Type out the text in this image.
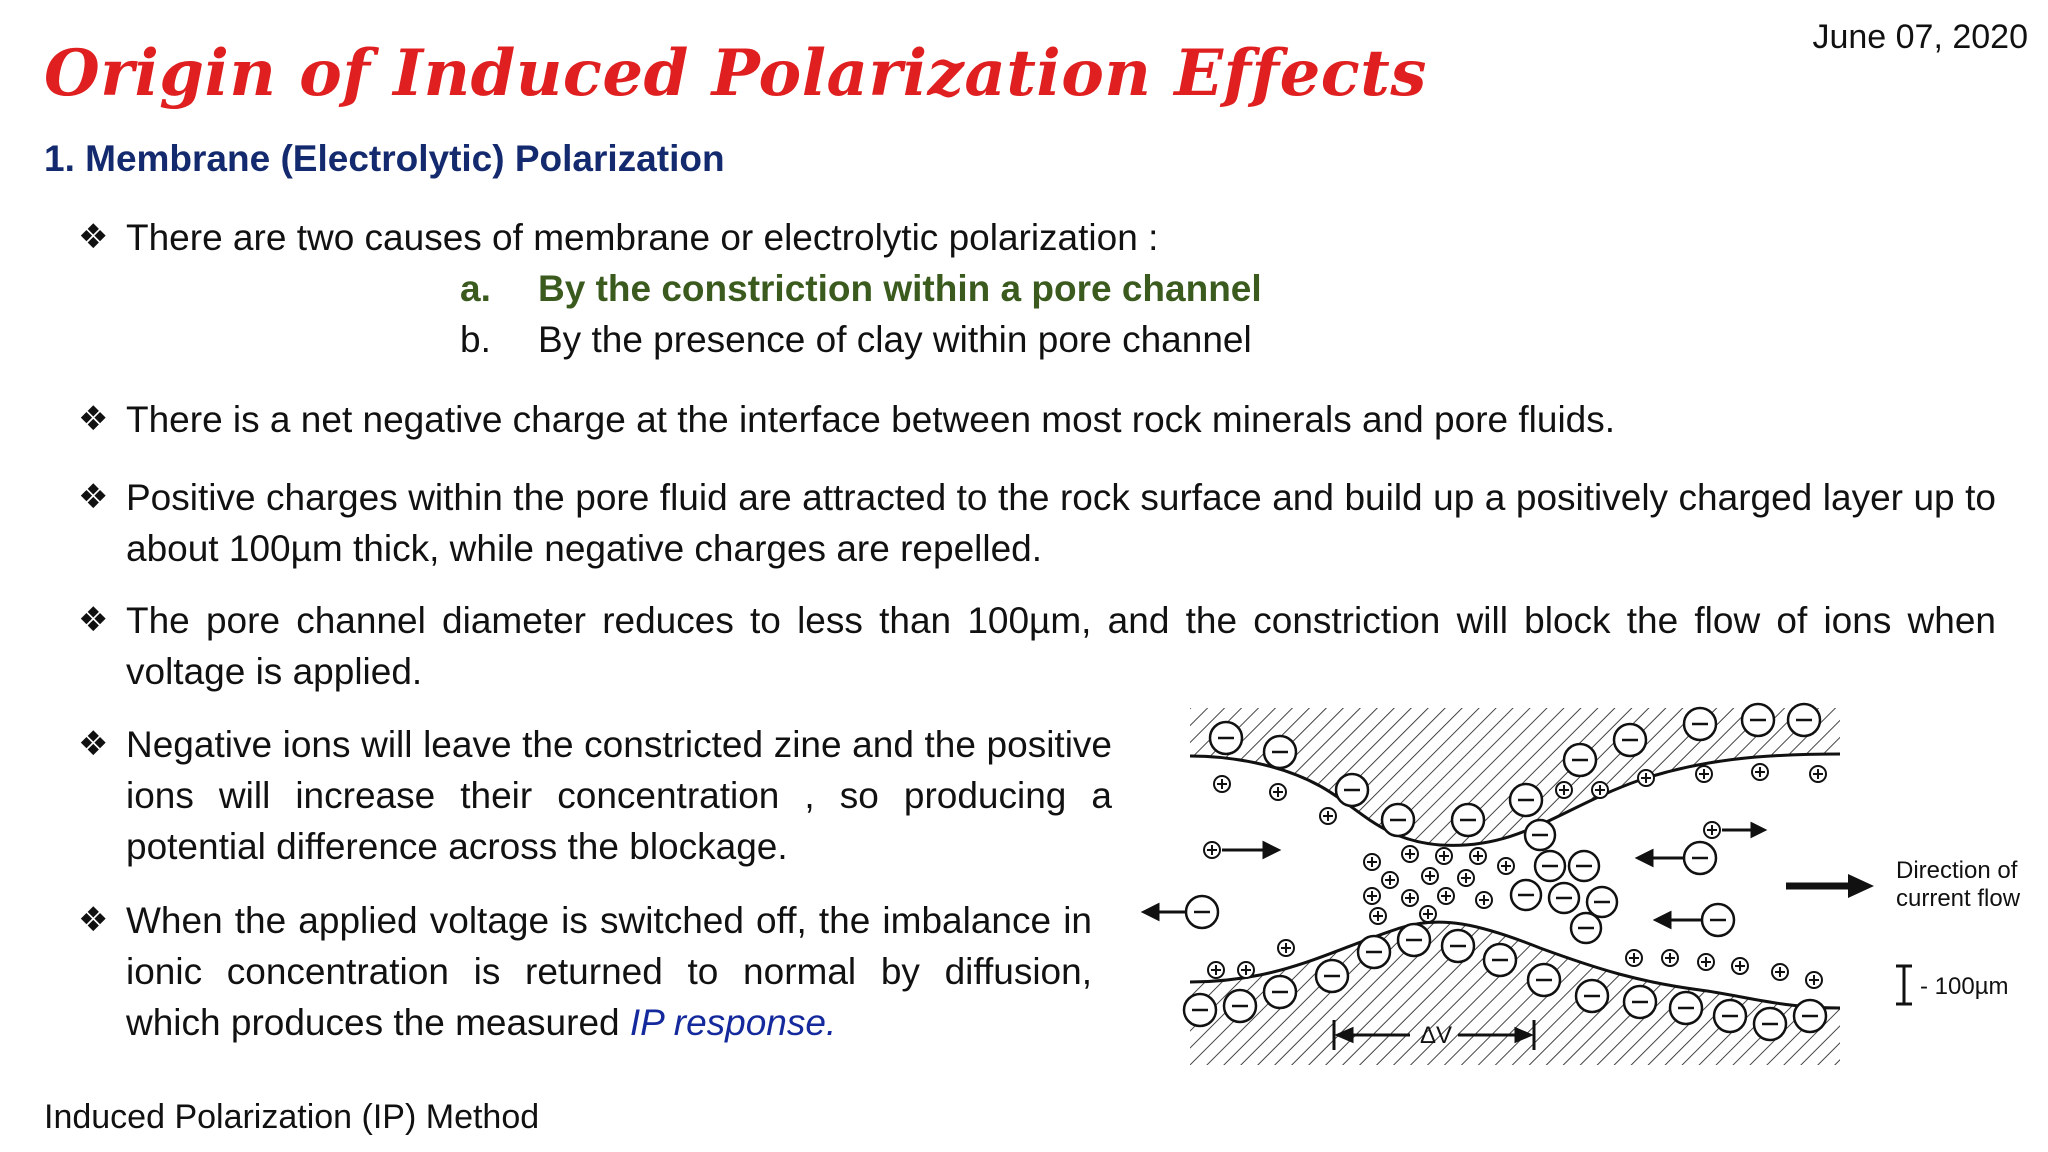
June 07, 2020
Origin of Induced Polarization Effects
1. Membrane (Electrolytic) Polarization
❖ There are two causes of membrane or electrolytic polarization :
a. By the constriction within a pore channel
b. By the presence of clay within pore channel
❖ There is a net negative charge at the interface between most rock minerals and pore fluids.
❖ Positive charges within the pore fluid are attracted to the rock surface and build up a positively charged layer up to about 100µm thick, while negative charges are repelled.
❖ The pore channel diameter reduces to less than 100µm, and the constriction will block the flow of ions when voltage is applied.
❖ Negative ions will leave the constricted zine and the positive ions will increase their concentration , so producing a potential difference across the blockage.
❖ When the applied voltage is switched off, the imbalance in ionic concentration is returned to normal by diffusion, which produces the measured IP response.
Induced Polarization (IP) Method
Direction of
current flow
- 100µm
ΔV
